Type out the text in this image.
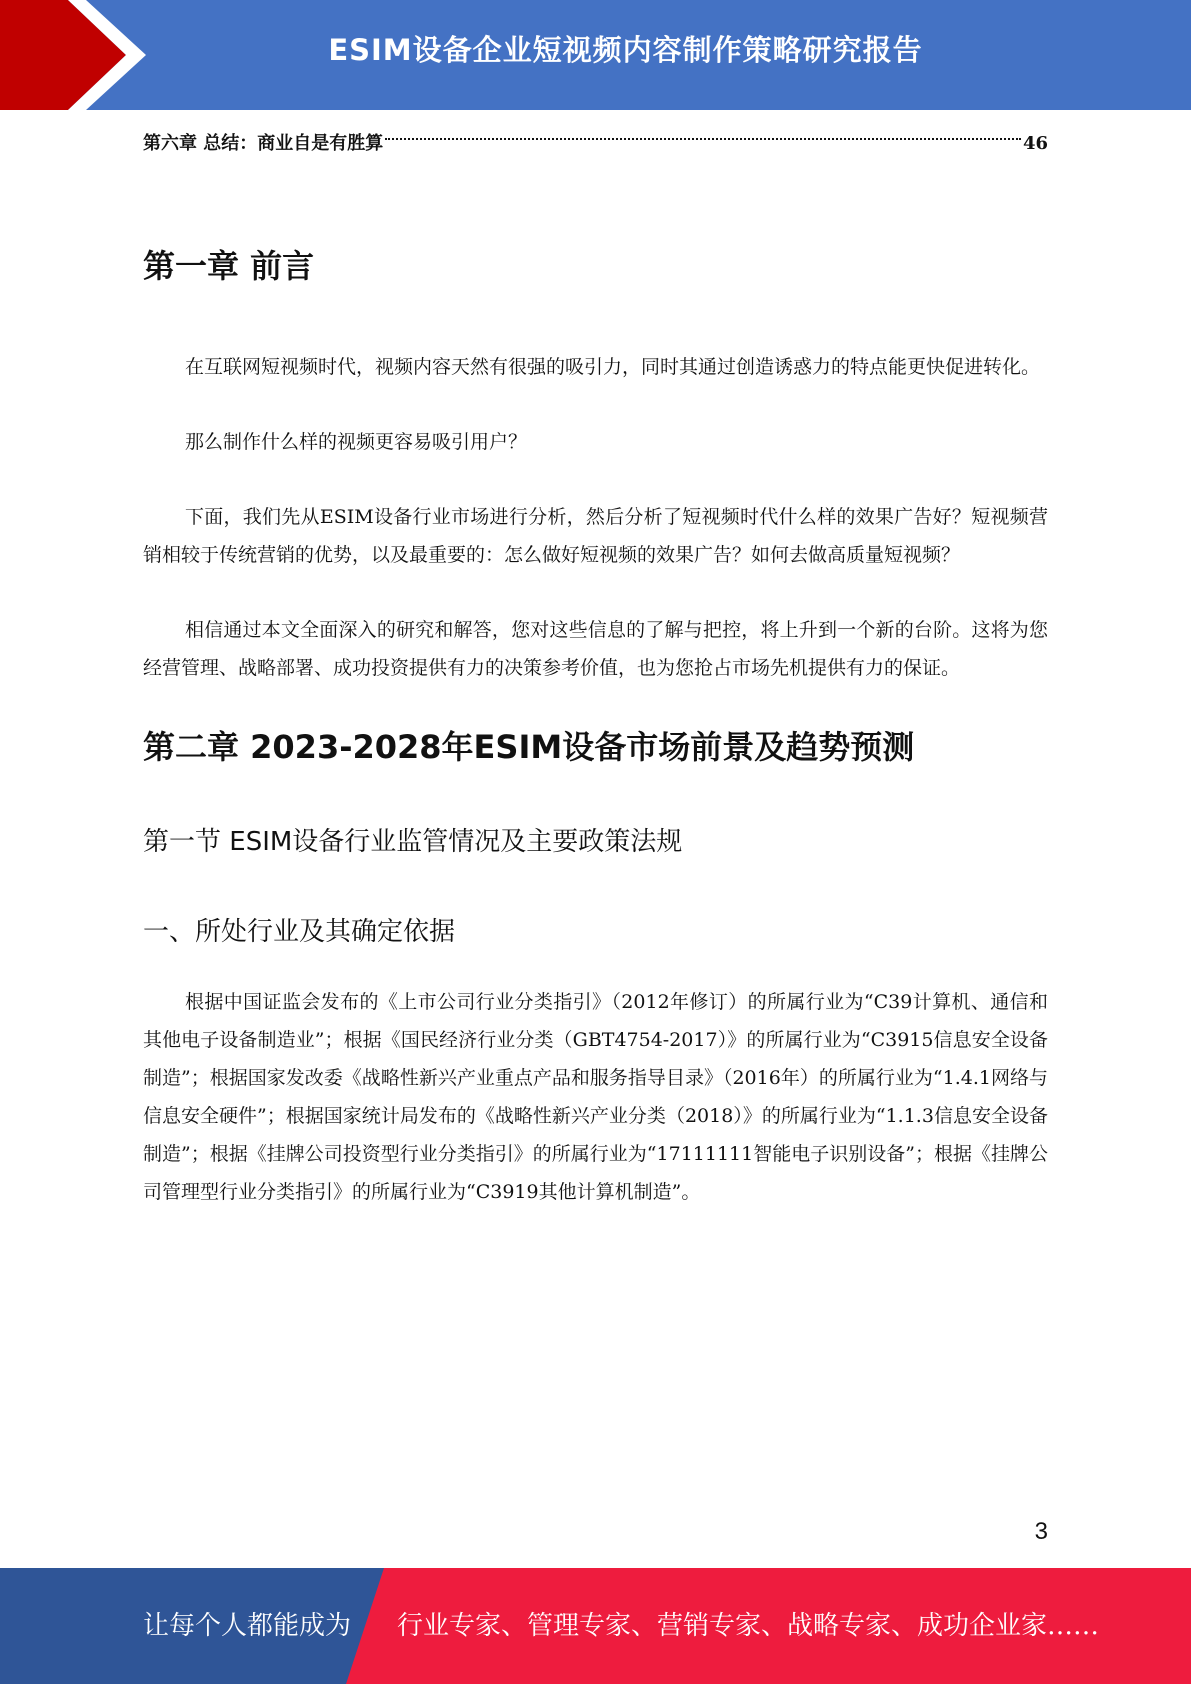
ESIM设备企业短视频内容制作策略研究报告
第六章 总结：商业自是有胜算	46
第一章 前言

在互联网短视频时代，视频内容天然有很强的吸引力，同时其通过创造诱惑力的特点能更快促进转化。

那么制作什么样的视频更容易吸引用户？

下面，我们先从ESIM设备行业市场进行分析，然后分析了短视频时代什么样的效果广告好？短视频营销相较于传统营销的优势，以及最重要的：怎么做好短视频的效果广告？如何去做高质量短视频？

相信通过本文全面深入的研究和解答，您对这些信息的了解与把控，将上升到一个新的台阶。这将为您经营管理、战略部署、成功投资提供有力的决策参考价值，也为您抢占市场先机提供有力的保证。

第二章 2023-2028年ESIM设备市场前景及趋势预测
第一节 ESIM设备行业监管情况及主要政策法规
一、所处行业及其确定依据

根据中国证监会发布的《上市公司行业分类指引》（2012年修订）的所属行业为“C39计算机、通信和其他电子设备制造业”；根据《国民经济行业分类（GBT4754-2017）》的所属行业为“C3915信息安全设备制造”；根据国家发改委《战略性新兴产业重点产品和服务指导目录》（2016年）的所属行业为“1.4.1网络与信息安全硬件”；根据国家统计局发布的《战略性新兴产业分类（2018）》的所属行业为“1.1.3信息安全设备制造”；根据《挂牌公司投资型行业分类指引》的所属行业为“17111111智能电子识别设备”；根据《挂牌公司管理型行业分类指引》的所属行业为“C3919其他计算机制造”。

3
让每个人都能成为 行业专家、管理专家、营销专家、战略专家、成功企业家……
